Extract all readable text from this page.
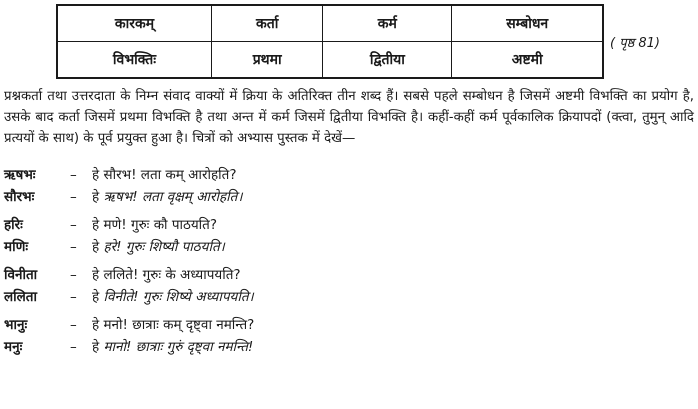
कारकम्	कर्ता	कर्म	सम्बोधन
विभक्तिः	प्रथमा	द्वितीया	अष्टमी
( पृष्ठ 81)
प्रश्नकर्ता तथा उत्तरदाता के निम्न संवाद वाक्यों में क्रिया के अतिरिक्त तीन शब्द हैं। सबसे पहले सम्बोधन है जिसमें अष्टमी विभक्ति का प्रयोग है, उसके बाद कर्ता जिसमें प्रथमा विभक्ति है तथा अन्त में कर्म जिसमें द्वितीया विभक्ति है। कहीं-कहीं कर्म पूर्वकालिक क्रियापदों (क्त्वा, तुमुन् आदि प्रत्ययों के साथ) के पूर्व प्रयुक्त हुआ है। चित्रों को अभ्यास पुस्तक में देखें—
ऋषभः	– हे सौरभ! लता कम् आरोहति?
सौरभः	– हे ऋषभ! लता वृक्षम् आरोहति।
हरिः	– हे मणे! गुरुः कौ पाठयति?
मणिः	– हे हरे! गुरुः शिष्यौ पाठयति।
विनीता – हे ललिते! गुरुः के अध्यापयति?
ललिता – हे विनीते! गुरुः शिष्ये अध्यापयति।
भानुः	– हे मनो! छात्राः कम् दृष्ट्वा नमन्ति?
मनुः	– हे मानो! छात्राः गुरुं दृष्ट्वा नमन्ति!
